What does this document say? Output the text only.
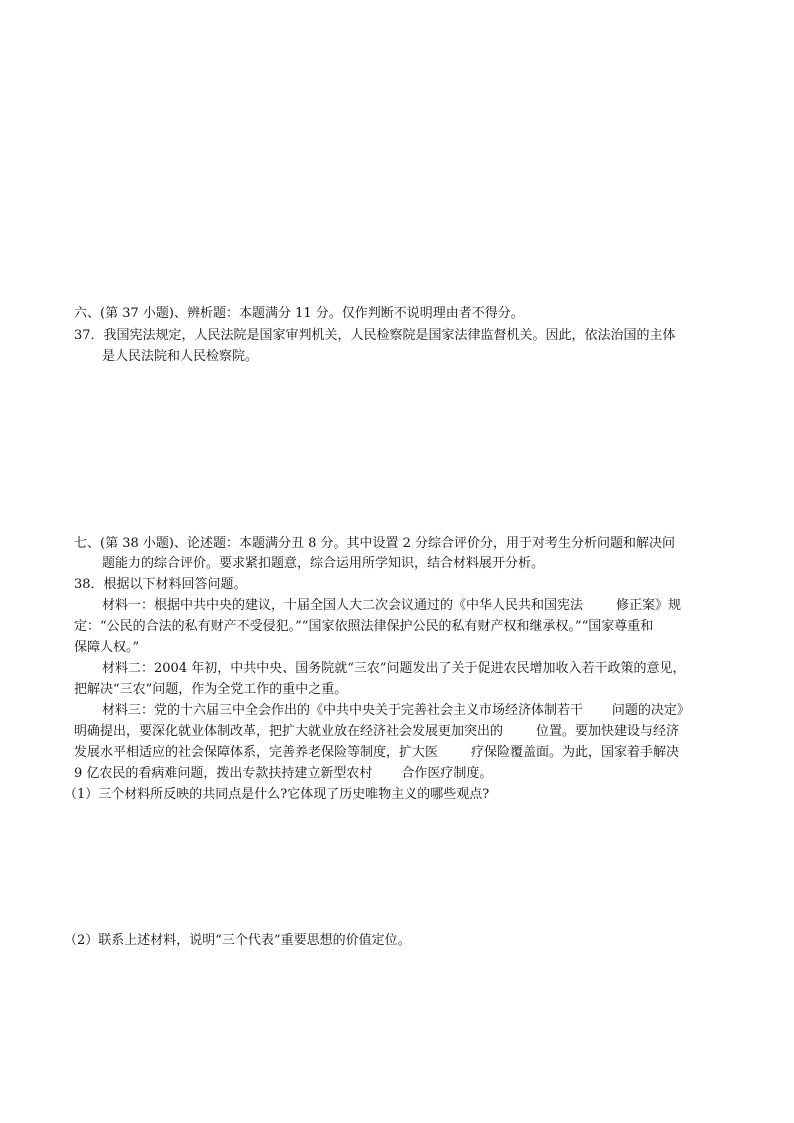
六、(第 37 小题)、辨析题：本题满分 11 分。仅作判断不说明理由者不得分。
37．我国宪法规定，人民法院是国家审判机关，人民检察院是国家法律监督机关。因此，依法治国的主体
是人民法院和人民检察院。
七、(第 38 小题)、论述题：本题满分丑 8 分。其中设置 2 分综合评价分，用于对考生分析问题和解决问
题能力的综合评价。要求紧扣题意，综合运用所学知识，结合材料展开分析。
38．根据以下材料回答问题。
材料一：根据中共中央的建议，十届全国人大二次会议通过的《中华人民共和国宪法        修正案》规
定：“公民的合法的私有财产不受侵犯。”“国家依照法律保护公民的私有财产权和继承权。”“国家尊重和
保障人权。”
材料二：2004 年初，中共中央、国务院就“三农”问题发出了关于促进农民增加收入若干政策的意见，
把解决“三农”问题，作为全党工作的重中之重。
材料三：党的十六届三中全会作出的《中共中央关于完善社会主义市场经济体制若干       问题的决定》
明确提出，要深化就业体制改革，把扩大就业放在经济社会发展更加突出的        位置。要加快建设与经济
发展水平相适应的社会保障体系，完善养老保险等制度，扩大医        疗保险覆盖面。为此，国家着手解决
9 亿农民的看病难问题，拨出专款扶持建立新型农村       合作医疗制度。
（1）三个材料所反映的共同点是什么?它体现了历史唯物主义的哪些观点?
（2）联系上述材料，说明“三个代表”重要思想的价值定位。
